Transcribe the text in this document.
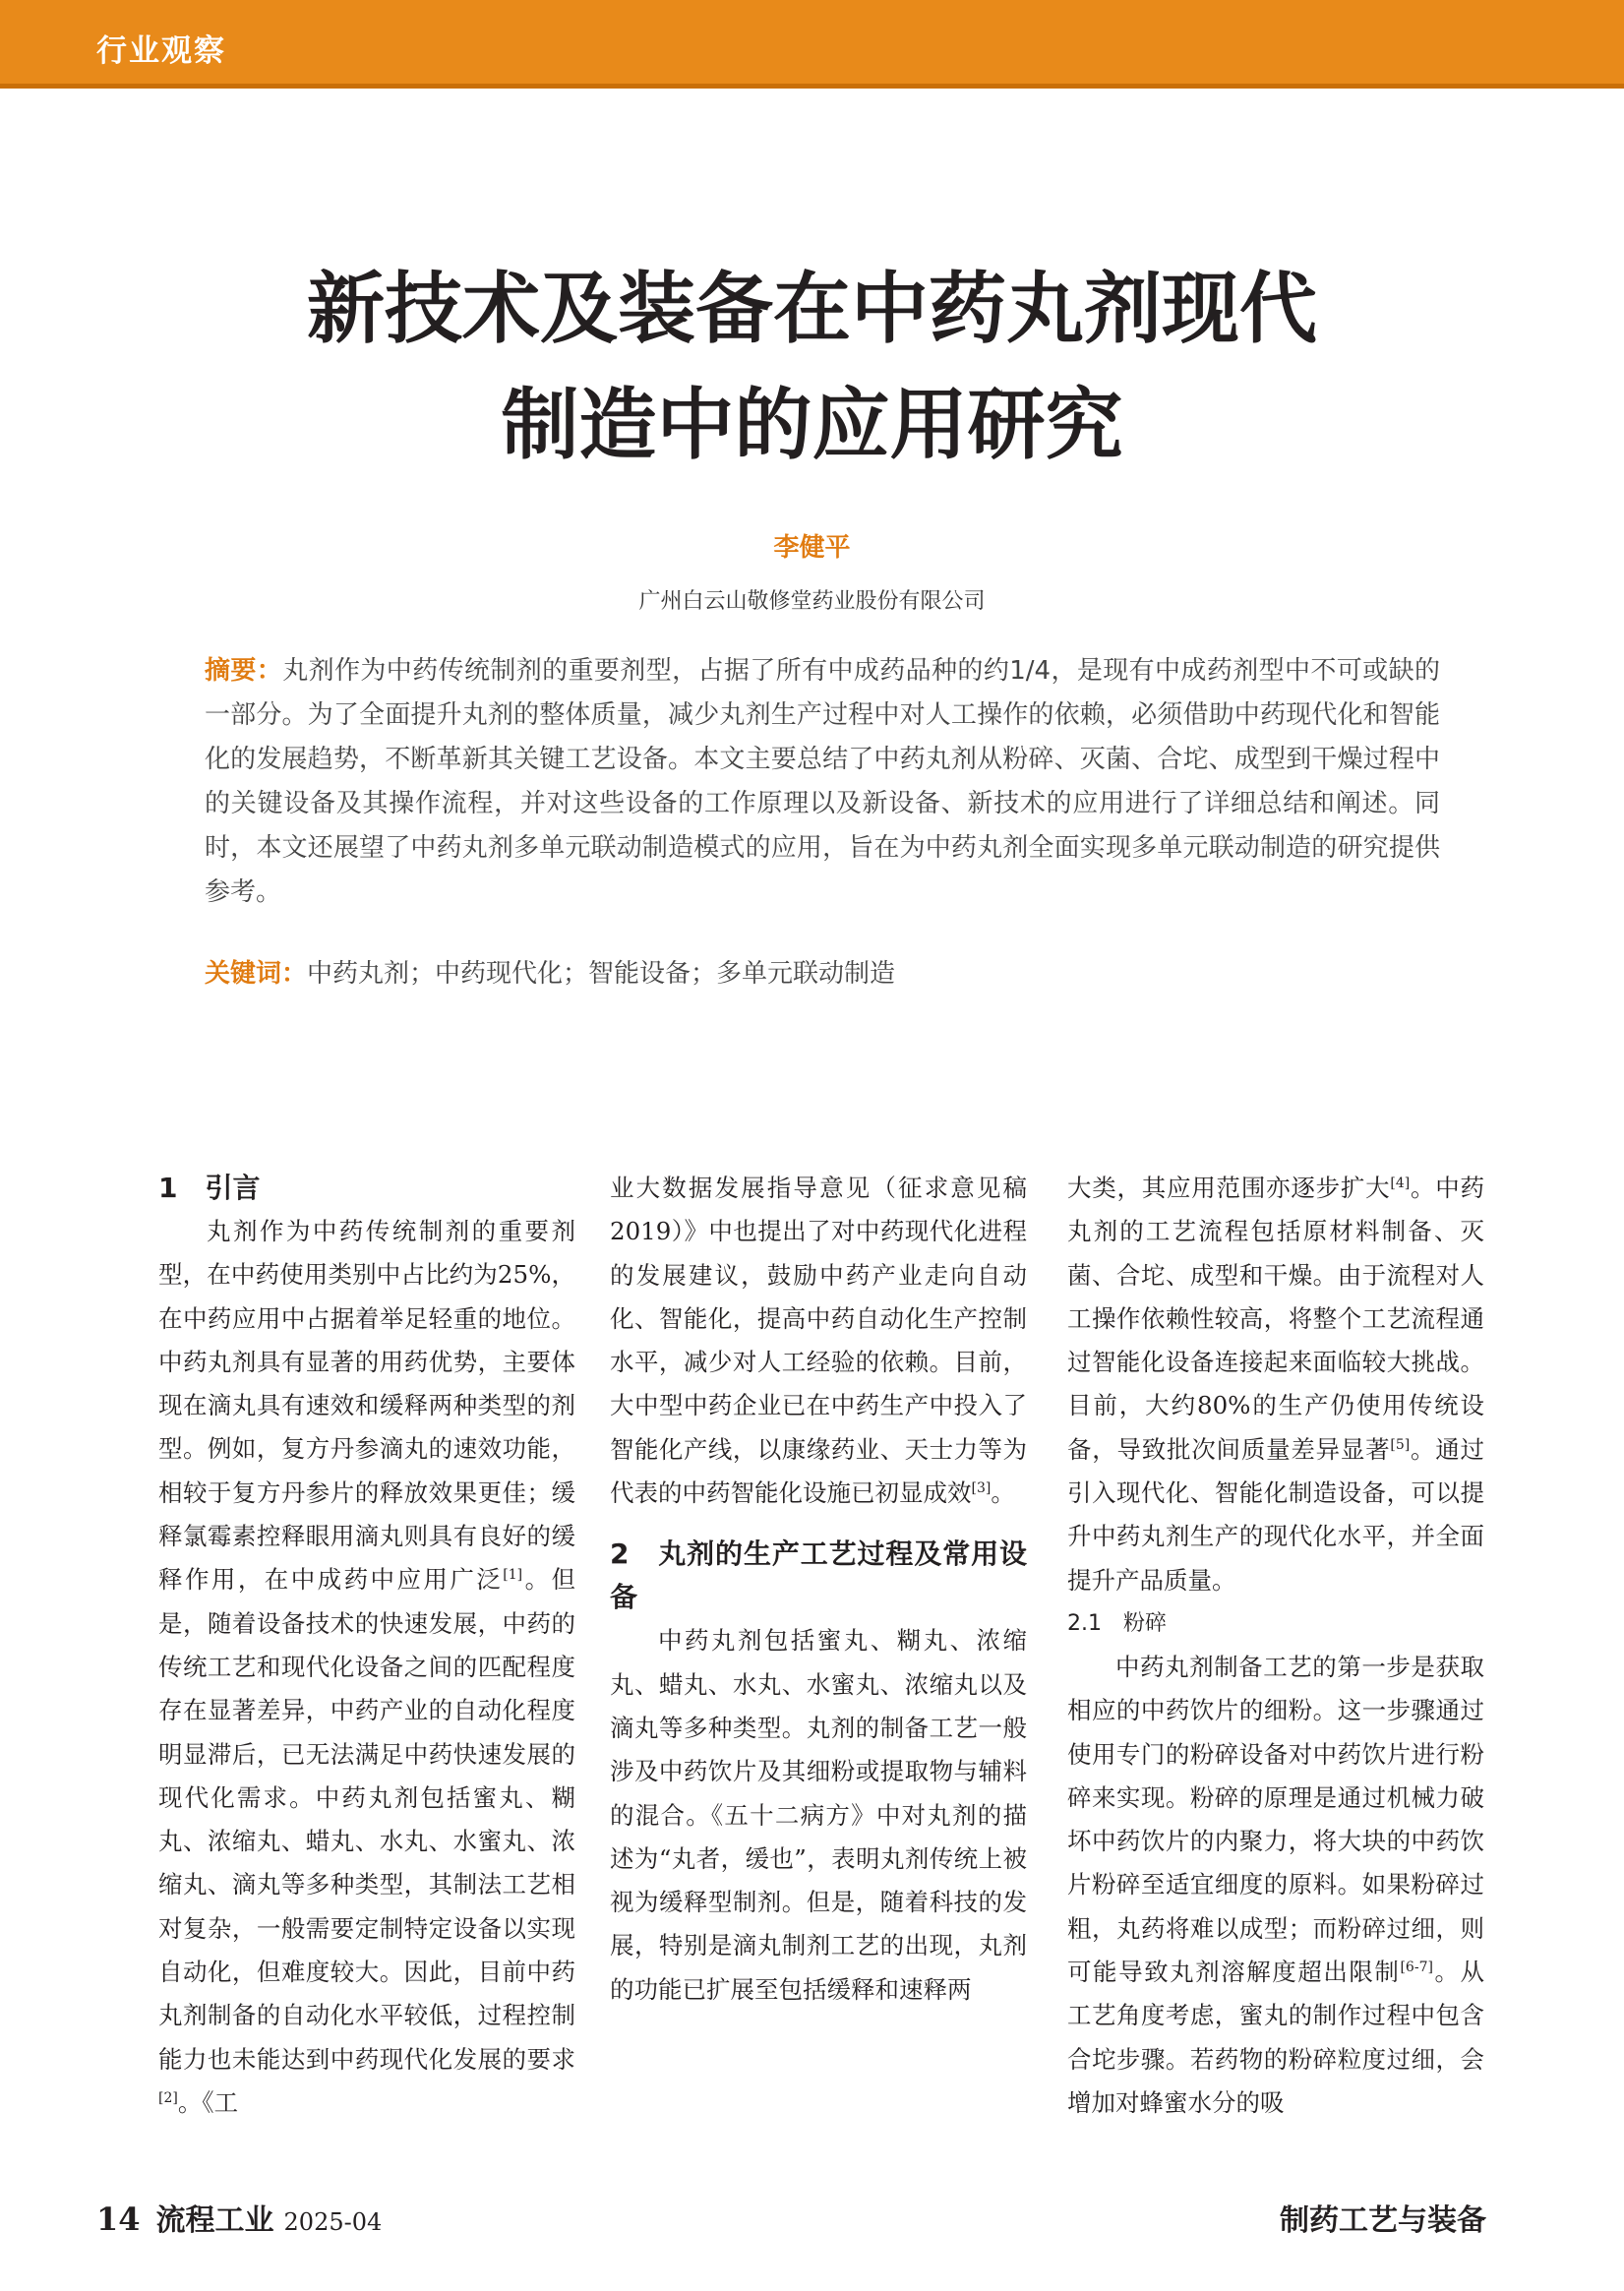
行业观察
新技术及装备在中药丸剂现代
制造中的应用研究
李健平
广州白云山敬修堂药业股份有限公司
摘要：丸剂作为中药传统制剂的重要剂型，占据了所有中成药品种的约1/4，是现有中成药剂型中不可或缺的一部分。为了全面提升丸剂的整体质量，减少丸剂生产过程中对人工操作的依赖，必须借助中药现代化和智能化的发展趋势，不断革新其关键工艺设备。本文主要总结了中药丸剂从粉碎、灭菌、合坨、成型到干燥过程中的关键设备及其操作流程，并对这些设备的工作原理以及新设备、新技术的应用进行了详细总结和阐述。同时，本文还展望了中药丸剂多单元联动制造模式的应用，旨在为中药丸剂全面实现多单元联动制造的研究提供参考。
关键词：中药丸剂；中药现代化；智能设备；多单元联动制造
1　引言

丸剂作为中药传统制剂的重要剂型，在中药使用类别中占比约为25%，在中药应用中占据着举足轻重的地位。中药丸剂具有显著的用药优势，主要体现在滴丸具有速效和缓释两种类型的剂型。例如，复方丹参滴丸的速效功能，相较于复方丹参片的释放效果更佳；缓释氯霉素控释眼用滴丸则具有良好的缓释作用，在中成药中应用广泛[1]。但是，随着设备技术的快速发展，中药的传统工艺和现代化设备之间的匹配程度存在显著差异，中药产业的自动化程度明显滞后，已无法满足中药快速发展的现代化需求。中药丸剂包括蜜丸、糊丸、浓缩丸、蜡丸、水丸、水蜜丸、浓缩丸、滴丸等多种类型，其制法工艺相对复杂，一般需要定制特定设备以实现自动化，但难度较大。因此，目前中药丸剂制备的自动化水平较低，过程控制能力也未能达到中药现代化发展的要求[2]。《工

业大数据发展指导意见（征求意见稿2019）》中也提出了对中药现代化进程的发展建议，鼓励中药产业走向自动化、智能化，提高中药自动化生产控制水平，减少对人工经验的依赖。目前，大中型中药企业已在中药生产中投入了智能化产线，以康缘药业、天士力等为代表的中药智能化设施已初显成效[3]。

2　丸剂的生产工艺过程及常用设备

中药丸剂包括蜜丸、糊丸、浓缩丸、蜡丸、水丸、水蜜丸、浓缩丸以及滴丸等多种类型。丸剂的制备工艺一般涉及中药饮片及其细粉或提取物与辅料的混合。《五十二病方》中对丸剂的描述为“丸者，缓也”，表明丸剂传统上被视为缓释型制剂。但是，随着科技的发展，特别是滴丸制剂工艺的出现，丸剂的功能已扩展至包括缓释和速释两

大类，其应用范围亦逐步扩大[4]。中药丸剂的工艺流程包括原材料制备、灭菌、合坨、成型和干燥。由于流程对人工操作依赖性较高，将整个工艺流程通过智能化设备连接起来面临较大挑战。目前，大约80%的生产仍使用传统设备，导致批次间质量差异显著[5]。通过引入现代化、智能化制造设备，可以提升中药丸剂生产的现代化水平，并全面提升产品质量。

2.1　粉碎

中药丸剂制备工艺的第一步是获取相应的中药饮片的细粉。这一步骤通过使用专门的粉碎设备对中药饮片进行粉碎来实现。粉碎的原理是通过机械力破坏中药饮片的内聚力，将大块的中药饮片粉碎至适宜细度的原料。如果粉碎过粗，丸药将难以成型；而粉碎过细，则可能导致丸剂溶解度超出限制[6-7]。从工艺角度考虑，蜜丸的制作过程中包含合坨步骤。若药物的粉碎粒度过细，会增加对蜂蜜水分的吸

14 流程工业 2025-04	制药工艺与装备
